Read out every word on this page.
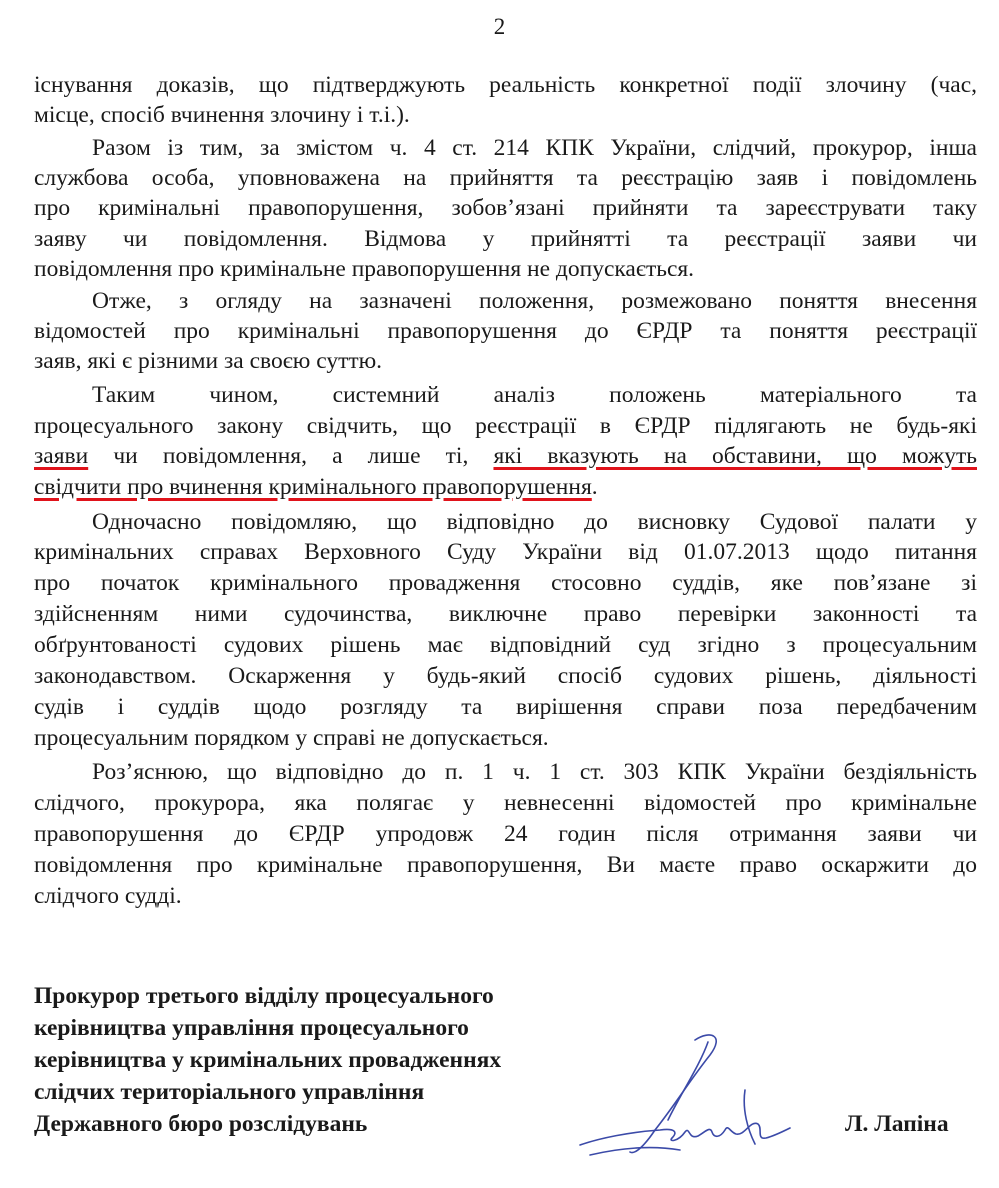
2
існування доказів, що підтверджують реальність конкретної події злочину (час,
місце, спосіб вчинення злочину і т.і.).
Разом із тим, за змістом ч. 4 ст. 214 КПК України, слідчий, прокурор, інша
службова особа, уповноважена на прийняття та реєстрацію заяв і повідомлень
про кримінальні правопорушення, зобов’язані прийняти та зареєструвати таку
заяву чи повідомлення. Відмова у прийнятті та реєстрації заяви чи
повідомлення про кримінальне правопорушення не допускається.
Отже, з огляду на зазначені положення, розмежовано поняття внесення
відомостей про кримінальні правопорушення до ЄРДР та поняття реєстрації
заяв, які є різними за своєю суттю.
Таким чином, системний аналіз положень матеріального та
процесуального закону свідчить, що реєстрації в ЄРДР підлягають не будь-які
заяви чи повідомлення, а лише ті, які вказують на обставини, що можуть
свідчити про вчинення кримінального правопорушення.
Одночасно повідомляю, що відповідно до висновку Судової палати у
кримінальних справах Верховного Суду України від 01.07.2013 щодо питання
про початок кримінального провадження стосовно суддів, яке пов’язане зі
здійсненням ними судочинства, виключне право перевірки законності та
обґрунтованості судових рішень має відповідний суд згідно з процесуальним
законодавством. Оскарження у будь-який спосіб судових рішень, діяльності
судів і суддів щодо розгляду та вирішення справи поза передбаченим
процесуальним порядком у справі не допускається.
Роз’яснюю, що відповідно до п. 1 ч. 1 ст. 303 КПК України бездіяльність
слідчого, прокурора, яка полягає у невнесенні відомостей про кримінальне
правопорушення до ЄРДР упродовж 24 годин після отримання заяви чи
повідомлення про кримінальне правопорушення, Ви маєте право оскаржити до
слідчого судді.
Прокурор третього відділу процесуального
керівництва управління процесуального
керівництва у кримінальних провадженнях
слідчих територіального управління
Державного бюро розслідувань	Л. Лапіна
